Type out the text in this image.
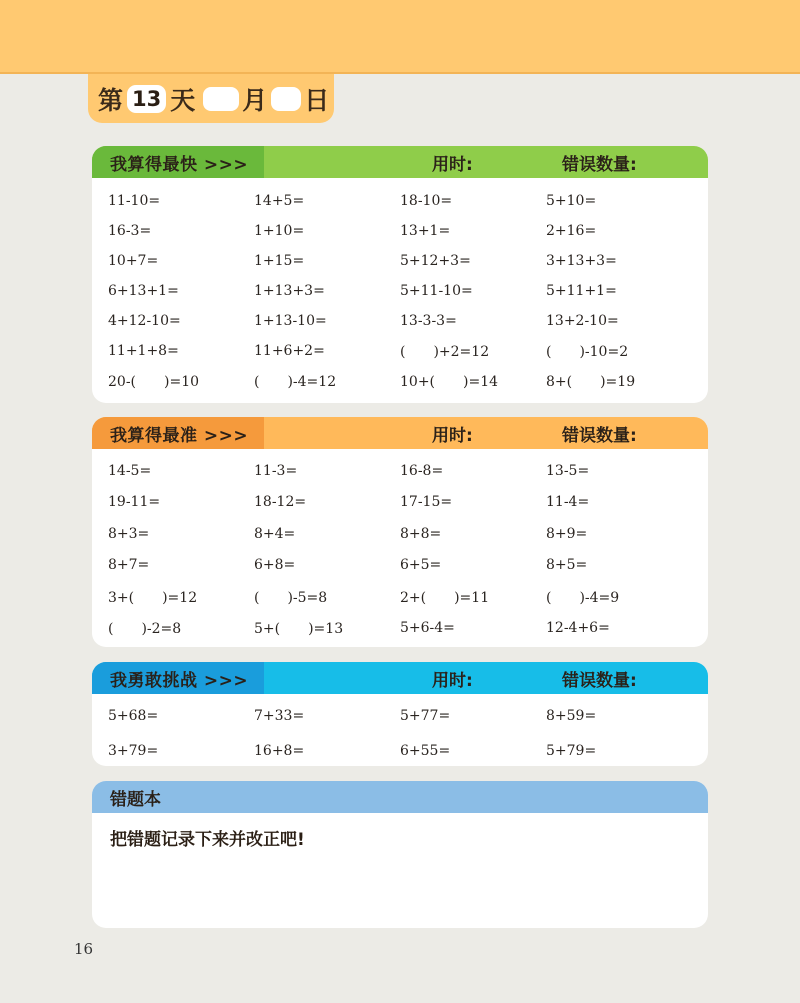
第 13 天 月 日
我算得最快 >>>	用时:	错误数量:
11-10=	14+5=	18-10=	5+10=
16-3=	1+10=	13+1=	2+16=
10+7=	1+15=	5+12+3=	3+13+3=
6+13+1=	1+13+3=	5+11-10=	5+11+1=
4+12-10=	1+13-10=	13-3-3=	13+2-10=
11+1+8=	11+6+2=	(　　)+2=12	(　　)-10=2
20-(　　)=10	(　　)-4=12	10+(　　)=14	8+(　　)=19
我算得最准 >>>	用时:	错误数量:
14-5=	11-3=	16-8=	13-5=
19-11=	18-12=	17-15=	11-4=
8+3=	8+4=	8+8=	8+9=
8+7=	6+8=	6+5=	8+5=
3+(　　)=12	(　　)-5=8	2+(　　)=11	(　　)-4=9
(　　)-2=8	5+(　　)=13	5+6-4=	12-4+6=
我勇敢挑战 >>>	用时:	错误数量:
5+68=	7+33=	5+77=	8+59=
3+79=	16+8=	6+55=	5+79=
错题本
把错题记录下来并改正吧!
16
